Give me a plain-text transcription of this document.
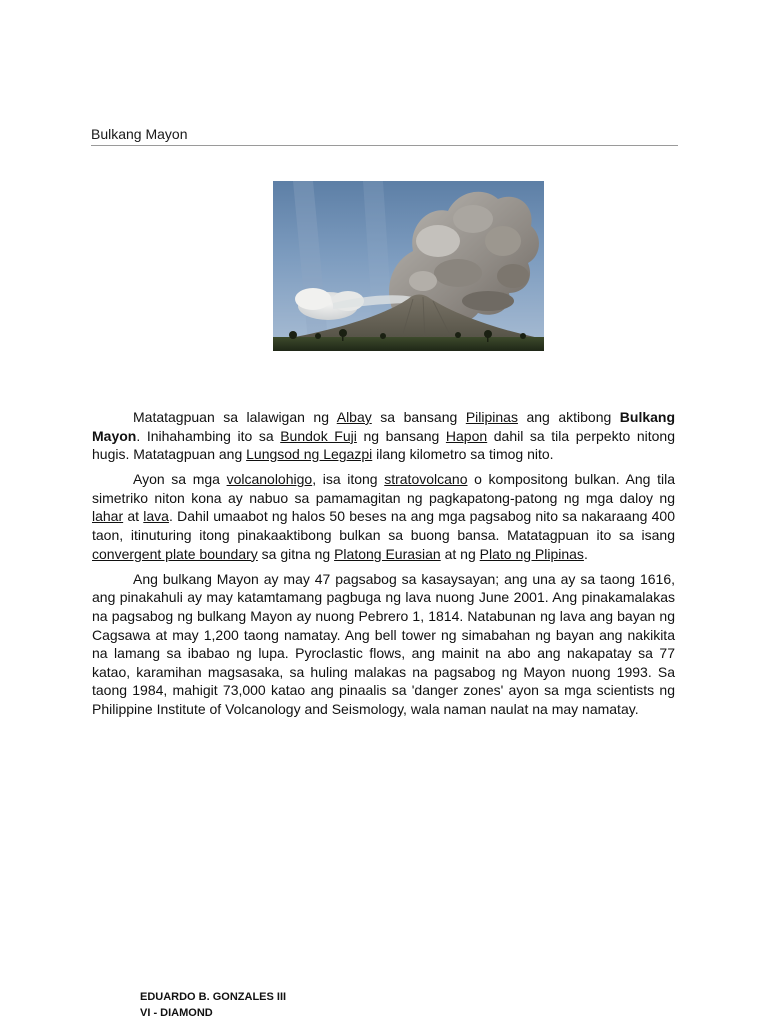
Bulkang Mayon

Matatagpuan sa lalawigan ng Albay sa bansang Pilipinas ang aktibong Bulkang Mayon. Inihahambing ito sa Bundok Fuji ng bansang Hapon dahil sa tila perpekto nitong hugis. Matatagpuan ang Lungsod ng Legazpi ilang kilometro sa timog nito.

Ayon sa mga volcanolohigo, isa itong stratovolcano o kompositong bulkan. Ang tila simetriko niton kona ay nabuo sa pamamagitan ng pagkapatong-patong ng mga daloy ng lahar at lava. Dahil umaabot ng halos 50 beses na ang mga pagsabog nito sa nakaraang 400 taon, itinuturing itong pinakaaktibong bulkan sa buong bansa. Matatagpuan ito sa isang convergent plate boundary sa gitna ng Platong Eurasian at ng Plato ng Plipinas.

Ang bulkang Mayon ay may 47 pagsabog sa kasaysayan; ang una ay sa taong 1616, ang pinakahuli ay may katamtamang pagbuga ng lava nuong June 2001. Ang pinakamalakas na pagsabog ng bulkang Mayon ay nuong Pebrero 1, 1814. Natabunan ng lava ang bayan ng Cagsawa at may 1,200 taong namatay. Ang bell tower ng simabahan ng bayan ang nakikita na lamang sa ibabao ng lupa. Pyroclastic flows, ang mainit na abo ang nakapatay sa 77 katao, karamihan magsasaka, sa huling malakas na pagsabog ng Mayon nuong 1993. Sa taong 1984, mahigit 73,000 katao ang pinaalis sa 'danger zones' ayon sa mga scientists ng Philippine Institute of Volcanology and Seismology, wala naman naulat na may namatay.

EDUARDO B. GONZALES III
VI - DIAMOND
